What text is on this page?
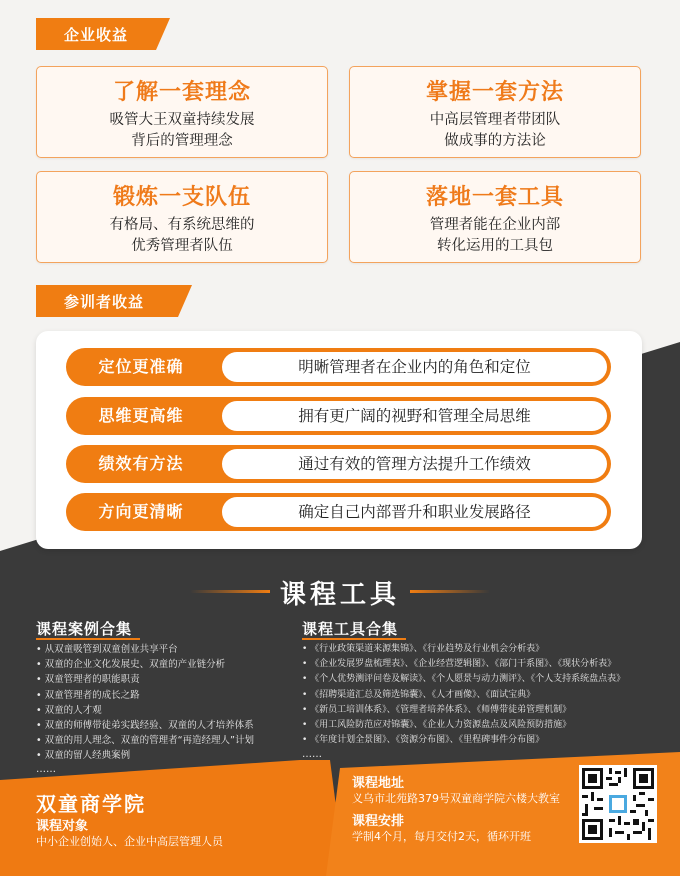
企业收益
了解一套理念
吸管大王双童持续发展
背后的管理理念
掌握一套方法
中高层管理者带团队
做成事的方法论
锻炼一支队伍
有格局、有系统思维的
优秀管理者队伍
落地一套工具
管理者能在企业内部
转化运用的工具包
参训者收益
定位更准确	明晰管理者在企业内的角色和定位
思维更高维	拥有更广阔的视野和管理全局思维
绩效有方法	通过有效的管理方法提升工作绩效
方向更清晰	确定自己内部晋升和职业发展路径
课程工具
课程案例合集
• 从双童吸管到双童创业共享平台
• 双童的企业文化发展史、双童的产业链分析
• 双童管理者的职能职责
• 双童管理者的成长之路
• 双童的人才观
• 双童的师傅带徒弟实践经验、双童的人才培养体系
• 双童的用人理念、双童的管理者“再造经理人”计划
• 双童的留人经典案例
……
课程工具合集
• 《行业政策渠道来源集锦》、《行业趋势及行业机会分析表》
• 《企业发展罗盘梳理表》、《企业经营逻辑图》、《部门干系图》、《现状分析表》
• 《个人优势测评问卷及解读》、《个人愿景与动力测评》、《个人支持系统盘点表》
• 《招聘渠道汇总及筛选锦囊》、《人才画像》、《面试宝典》
• 《新员工培训体系》、《管理者培养体系》、《师傅带徒弟管理机制》
• 《用工风险防范应对锦囊》、《企业人力资源盘点及风险预防措施》
• 《年度计划全景图》、《资源分布图》、《里程碑事件分布图》
……
双童商学院
课程对象
中小企业创始人、企业中高层管理人员
课程地址
义乌市北苑路379号双童商学院六楼大教室
课程安排
学制4个月，每月交付2天，循环开班
